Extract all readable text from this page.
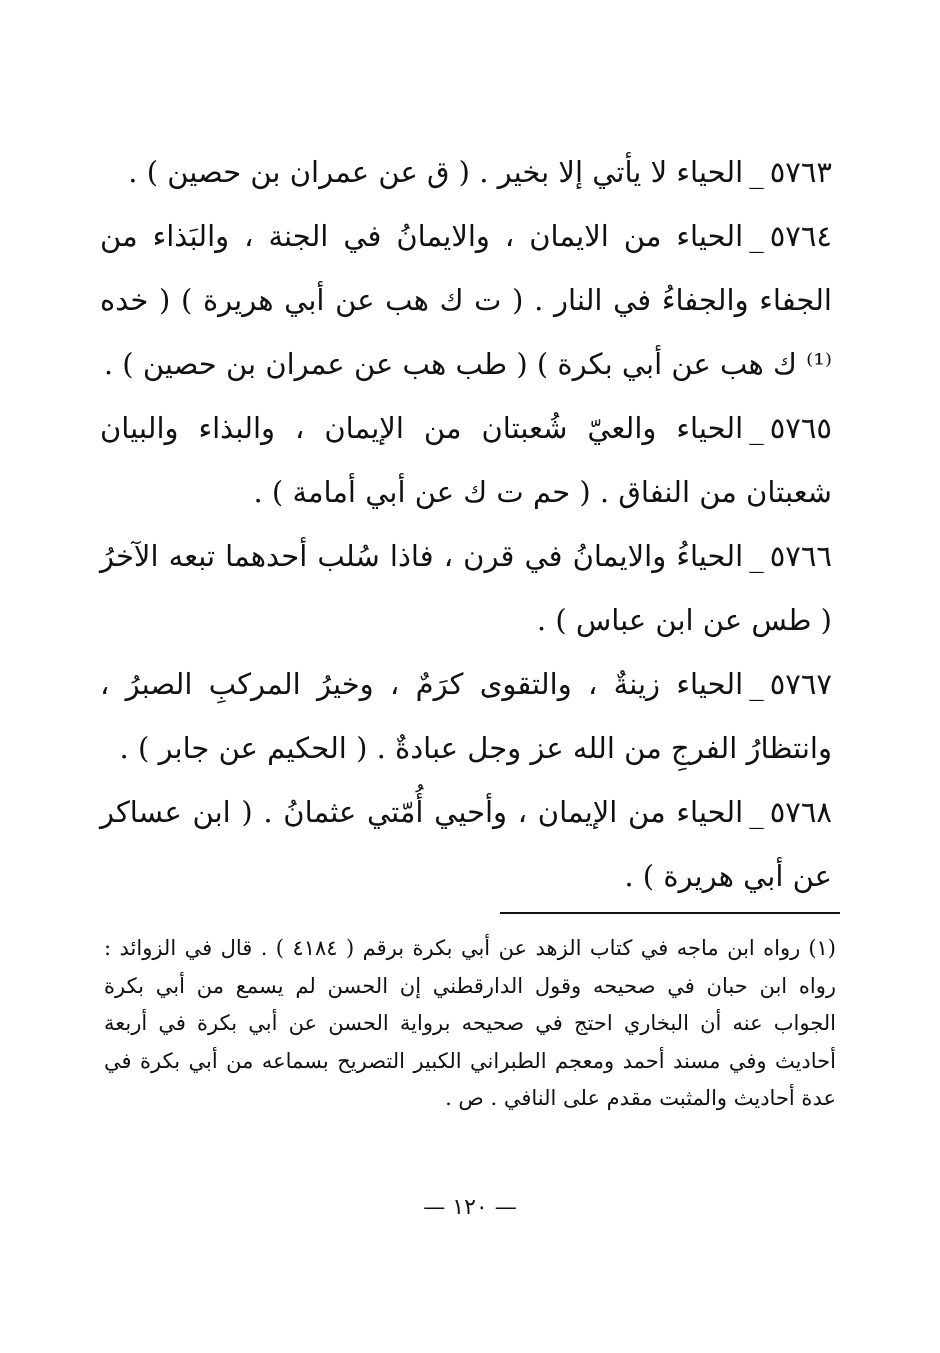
٥٧٦٣_الحياء لا يأتي إلا بخير . ( ق عن عمران بن حصين ) .

٥٧٦٤_الحياء من الايمان ، والايمانُ في الجنة ، والبَذاء من الجفاء والجفاءُ في النار . ( ت ك هب عن أبي هريرة ) ( خده ⁽¹⁾ ك هب عن أبي بكرة ) ( طب هب عن عمران بن حصين ) .

٥٧٦٥_الحياء والعيّ شُعبتان من الإيمان ، والبذاء والبيان شعبتان من النفاق . ( حم ت ك عن أبي أمامة ) .

٥٧٦٦_الحياءُ والايمانُ في قرن ، فاذا سُلب أحدهما تبعه الآخرُ ( طس عن ابن عباس ) .

٥٧٦٧_الحياء زينةٌ ، والتقوى كرَمٌ ، وخيرُ المركبِ الصبرُ ، وانتظارُ الفرجِ من الله عز وجل عبادةٌ . ( الحكيم عن جابر ) .

٥٧٦٨_الحياء من الإيمان ، وأحيي أُمّتي عثمانُ . ( ابن عساكر عن أبي هريرة ) .

(١)رواه ابن ماجه في كتاب الزهد عن أبي بكرة برقم ( ٤١٨٤ ) . قال في الزوائد : رواه ابن حبان في صحيحه وقول الدارقطني إن الحسن لم يسمع من أبي بكرة الجواب عنه أن البخاري احتج في صحيحه برواية الحسن عن أبي بكرة في أربعة أحاديث وفي مسند أحمد ومعجم الطبراني الكبير التصريح بسماعه من أبي بكرة في عدة أحاديث والمثبت مقدم على النافي . ص .
— ١٢٠ —
